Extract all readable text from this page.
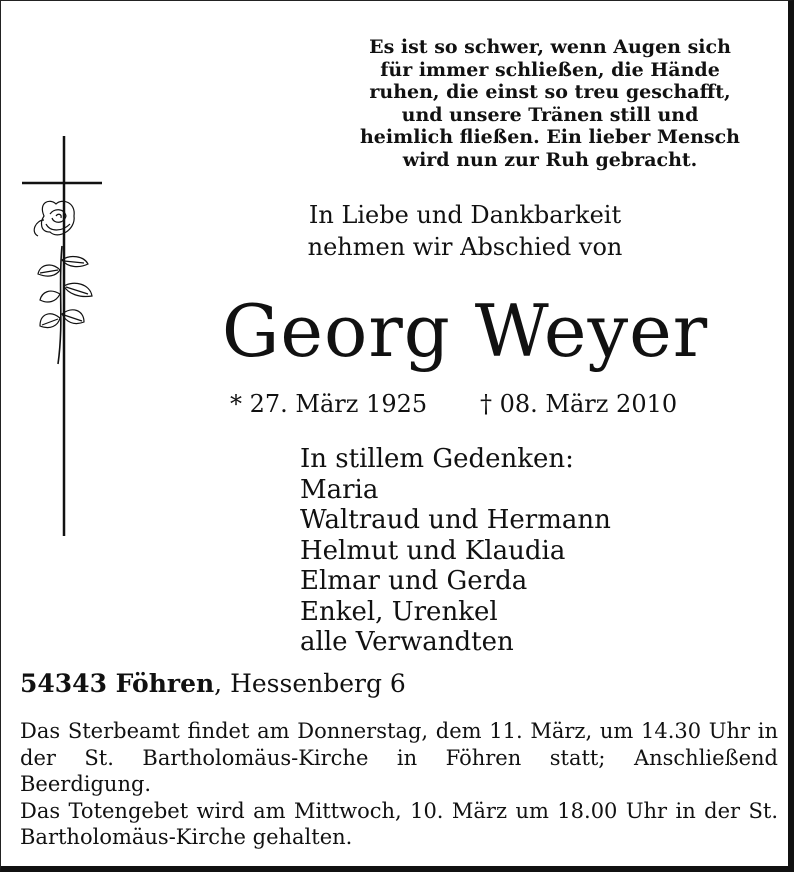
Es ist so schwer, wenn Augen sich
für immer schließen, die Hände
ruhen, die einst so treu geschafft,
und unsere Tränen still und
heimlich fließen. Ein lieber Mensch
wird nun zur Ruh gebracht.
In Liebe und Dankbarkeit
nehmen wir Abschied von
Georg Weyer
* 27. März 1925 † 08. März 2010
In stillem Gedenken:
Maria
Waltraud und Hermann
Helmut und Klaudia
Elmar und Gerda
Enkel, Urenkel
alle Verwandten
54343 Föhren, Hessenberg 6

Das Sterbeamt findet am Donnerstag, dem 11. März, um 14.30 Uhr in der St. Bartholomäus-Kirche in Föhren statt; Anschließend Beerdigung.

Das Totengebet wird am Mittwoch, 10. März um 18.00 Uhr in der St. Bartholomäus-Kirche gehalten.
